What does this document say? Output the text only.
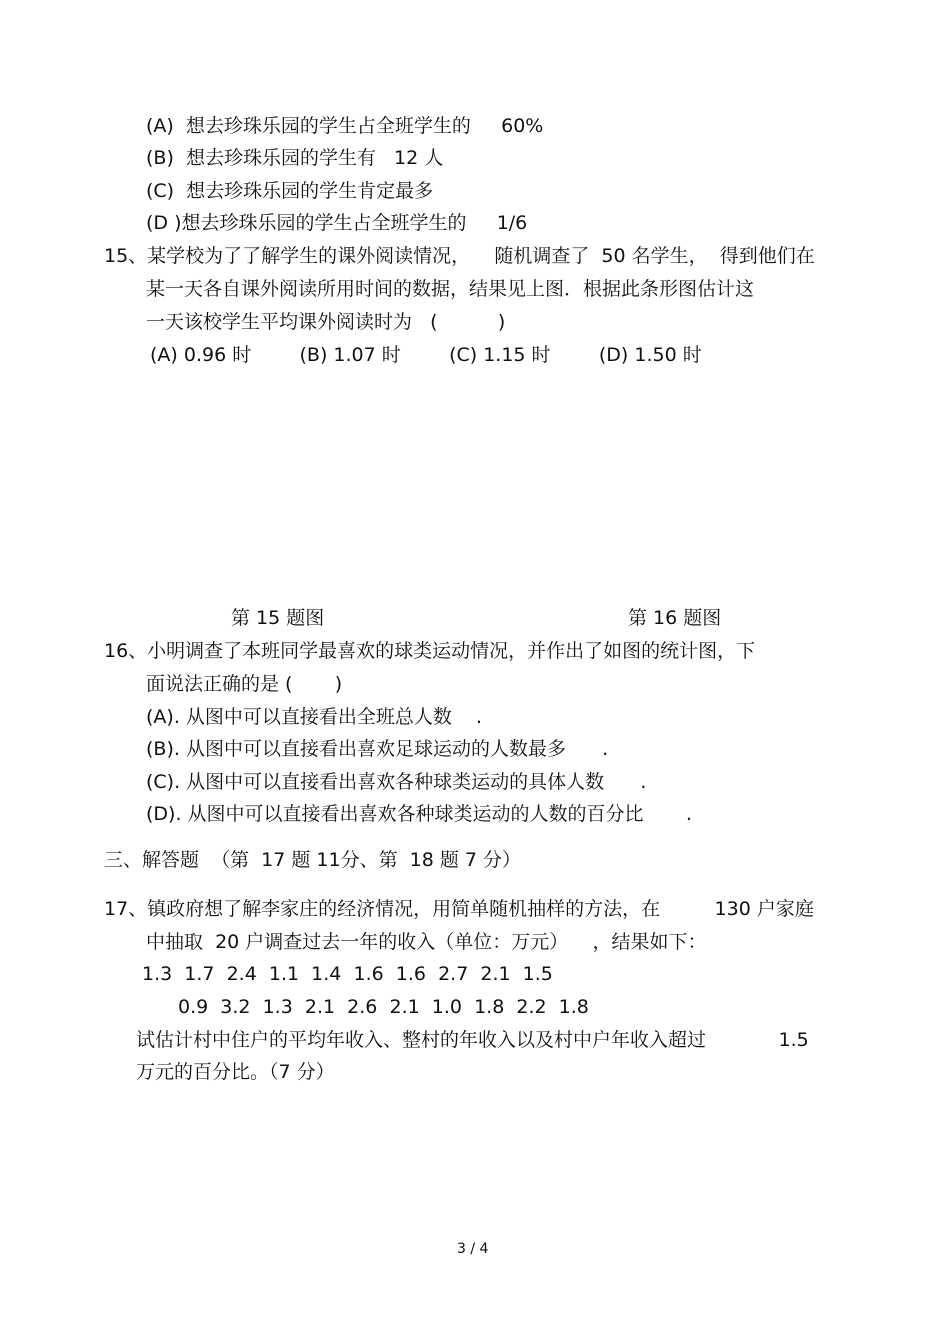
(A)  想去珍珠乐园的学生占全班学生的     60%
(B)  想去珍珠乐园的学生有   12 人
(C)  想去珍珠乐园的学生肯定最多
(D )想去珍珠乐园的学生占全班学生的     1/6
15、某学校为了了解学生的课外阅读情况，    随机调查了  50 名学生，  得到他们在
某一天各自课外阅读所用时间的数据，结果见上图．根据此条形图估计这
一天该校学生平均课外阅读时为   (          )
(A) 0.96 时        (B) 1.07 时        (C) 1.15 时        (D) 1.50 时
第 15 题图	第 16 题图
16、小明调查了本班同学最喜欢的球类运动情况，并作出了如图的统计图，下
面说法正确的是 (       )
(A). 从图中可以直接看出全班总人数    .
(B). 从图中可以直接看出喜欢足球运动的人数最多      .
(C). 从图中可以直接看出喜欢各种球类运动的具体人数      .
(D). 从图中可以直接看出喜欢各种球类运动的人数的百分比       .
三、解答题  （第  17 题 11分、第  18 题 7 分）
17、镇政府想了解李家庄的经济情况，用简单随机抽样的方法，在         130 户家庭
中抽取  20 户调查过去一年的收入（单位：万元）    ，结果如下：
1.3  1.7  2.4  1.1  1.4  1.6  1.6  2.7  2.1  1.5
0.9  3.2  1.3  2.1  2.6  2.1  1.0  1.8  2.2  1.8
试估计村中住户的平均年收入、整村的年收入以及村中户年收入超过            1.5
万元的百分比。（7 分）
3 / 4
